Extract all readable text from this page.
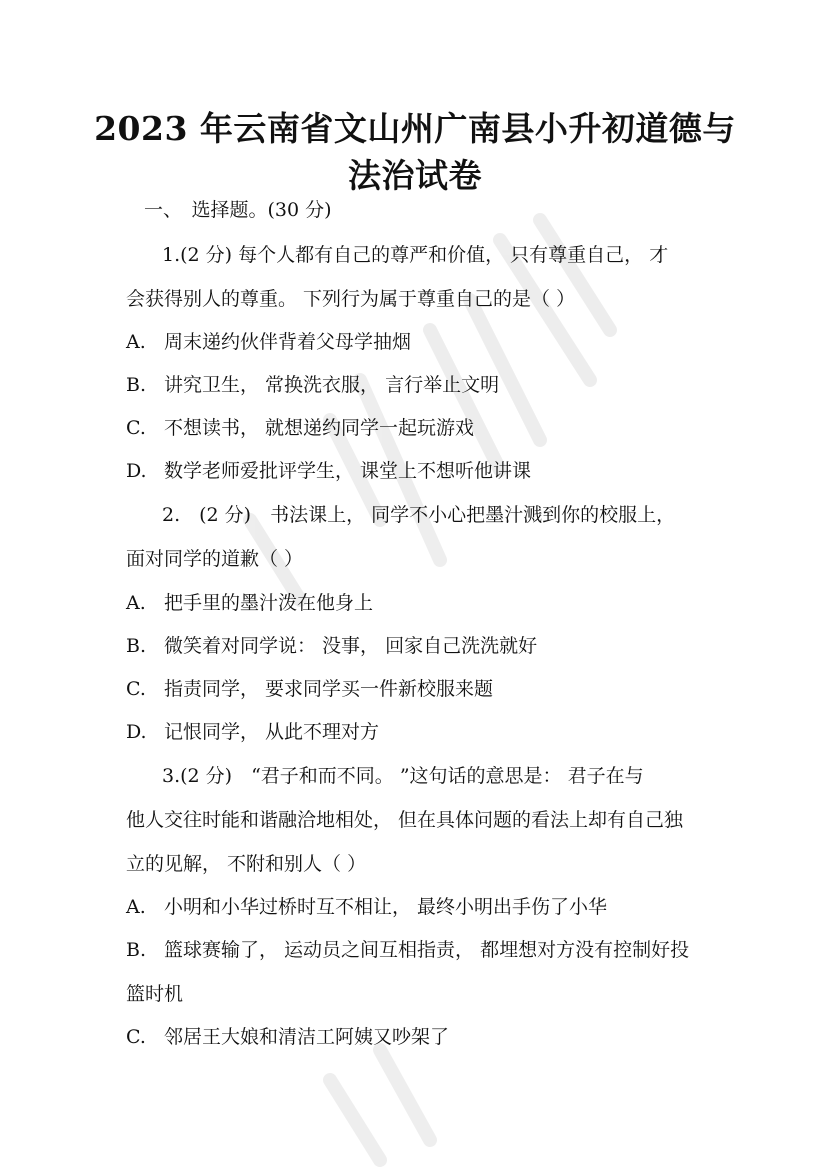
2023 年云南省文山州广南县小升初道德与
法治试卷
一、　选择题。(30 分)
1.(2 分) 每个人都有自己的尊严和价值， 只有尊重自己， 才
会获得别人的尊重。 下列行为属于尊重自己的是（ ）
A. 周末递约伙伴背着父母学抽烟
B. 讲究卫生， 常换洗衣服， 言行举止文明
C. 不想读书， 就想递约同学一起玩游戏
D. 数学老师爱批评学生， 课堂上不想听他讲课
2.　(2 分)　书法课上， 同学不小心把墨汁溅到你的校服上，
面对同学的道歉（ ）
A. 把手里的墨汁泼在他身上
B. 微笑着对同学说： 没事， 回家自己洗洗就好
C. 指责同学， 要求同学买一件新校服来题
D. 记恨同学， 从此不理对方
3.(2 分)　“君子和而不同。 ”这句话的意思是： 君子在与
他人交往时能和谐融洽地相处， 但在具体问题的看法上却有自己独
立的见解， 不附和别人（ ）
A. 小明和小华过桥时互不相让， 最终小明出手伤了小华
B. 篮球赛输了， 运动员之间互相指责， 都埋想对方没有控制好投
篮时机
C. 邻居王大娘和清洁工阿姨又吵架了
